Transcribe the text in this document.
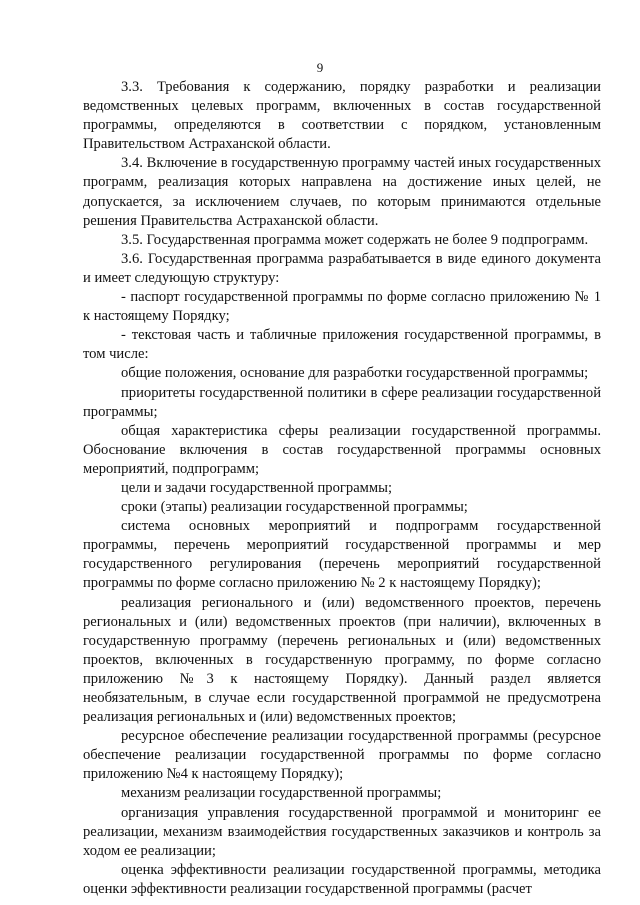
9

3.3. Требования к содержанию, порядку разработки и реализации ведомственных целевых программ, включенных в состав государственной программы, определяются в соответствии с порядком, установленным Правительством Астраханской области.

3.4. Включение в государственную программу частей иных государственных программ, реализация которых направлена на достижение иных целей, не допускается, за исключением случаев, по которым принимаются отдельные решения Правительства Астраханской области.

3.5. Государственная программа может содержать не более 9 подпрограмм.

3.6. Государственная программа разрабатывается в виде единого документа и имеет следующую структуру:

- паспорт государственной программы по форме согласно приложению № 1 к настоящему Порядку;

- текстовая часть и табличные приложения государственной программы, в том числе:

общие положения, основание для разработки государственной программы;

приоритеты государственной политики в сфере реализации государственной программы;

общая характеристика сферы реализации государственной программы. Обоснование включения в состав государственной программы основных мероприятий, подпрограмм;

цели и задачи государственной программы;

сроки (этапы) реализации государственной программы;

система основных мероприятий и подпрограмм государственной программы, перечень мероприятий государственной программы и мер государственного регулирования (перечень мероприятий государственной программы по форме согласно приложению № 2 к настоящему Порядку);

реализация регионального и (или) ведомственного проектов, перечень региональных и (или) ведомственных проектов (при наличии), включенных в государственную программу (перечень региональных и (или) ведомственных проектов, включенных в государственную программу, по форме согласно приложению №3 к настоящему Порядку). Данный раздел является необязательным, в случае если государственной программой не предусмотрена реализация региональных и (или) ведомственных проектов;

ресурсное обеспечение реализации государственной программы (ресурсное обеспечение реализации государственной программы по форме согласно приложению №4 к настоящему Порядку);

механизм реализации государственной программы;

организация управления государственной программой и мониторинг ее реализации, механизм взаимодействия государственных заказчиков и контроль за ходом ее реализации;

оценка эффективности реализации государственной программы, методика оценки эффективности реализации государственной программы (расчет
